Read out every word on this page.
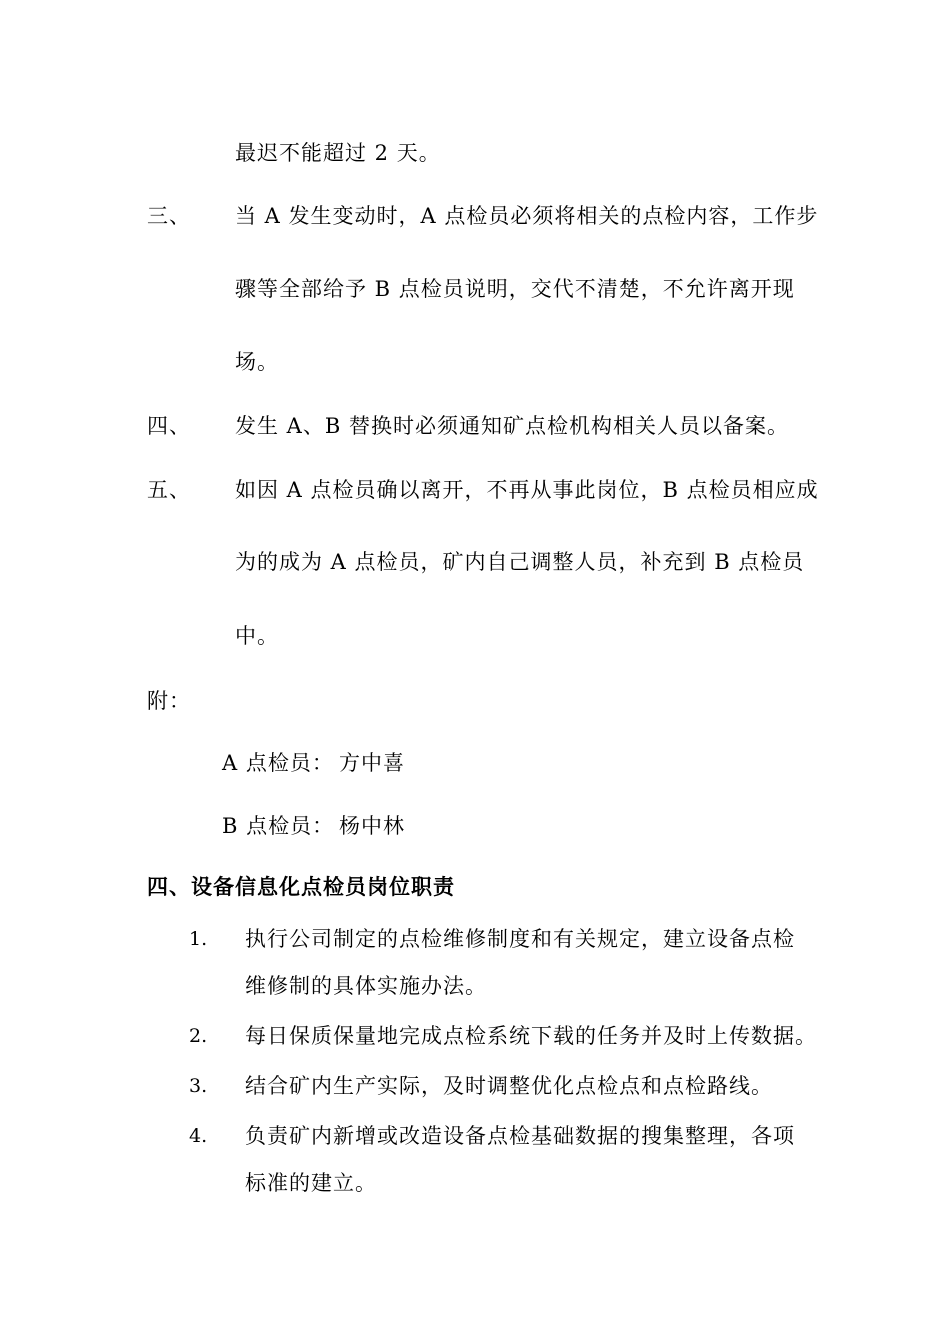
最迟不能超过 2 天。
三、 当 A 发生变动时，A 点检员必须将相关的点检内容，工作步
骤等全部给予 B 点检员说明，交代不清楚，不允许离开现
场。
四、 发生 A、B 替换时必须通知矿点检机构相关人员以备案。
五、 如因 A 点检员确以离开，不再从事此岗位，B 点检员相应成
为的成为 A 点检员，矿内自己调整人员，补充到 B 点检员
中。
附：
A 点检员： 方中喜
B 点检员： 杨中林
四、设备信息化点检员岗位职责
1. 执行公司制定的点检维修制度和有关规定，建立设备点检
维修制的具体实施办法。
2. 每日保质保量地完成点检系统下载的任务并及时上传数据。
3. 结合矿内生产实际，及时调整优化点检点和点检路线。
4. 负责矿内新增或改造设备点检基础数据的搜集整理，各项
标准的建立。
